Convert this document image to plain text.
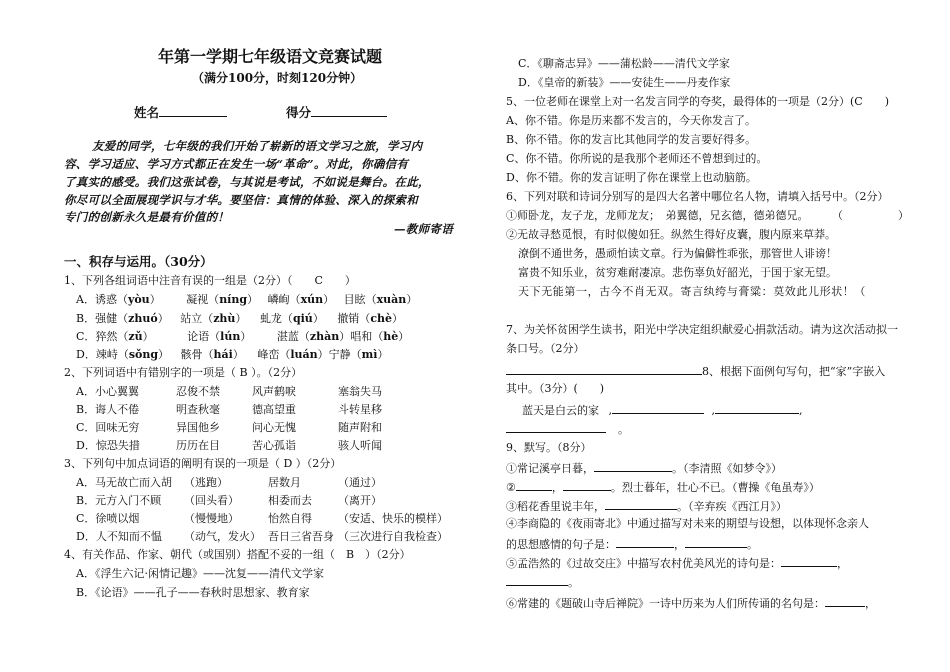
年第一学期七年级语文竞赛试题
（满分100分，时刻120分钟）
姓名	得分
友爱的同学，七年级的我们开始了崭新的语文学习之旅，学习内
容、学习适应、学习方式都正在发生一场“革命”。对此，你确信有
了真实的感受。我们这张试卷，与其说是考试，不如说是舞台。在此，
你尽可以全面展现学识与才华。要坚信：真情的体验、深入的探索和
专门的创新永久是最有价值的！
—教师寄语
一、积存与运用。（30分）
1、下列各组词语中注音有误的一组是（2分）（　　C　　）
A．诱惑（yòu） 凝视（níng） 嶙峋（xún） 目眩（xuàn）
B．强健（zhuó） 站立（zhù） 虬龙（qiú） 撤销（chè）
C．猝然（zǔ）	论语（lún） 湛蓝（zhàn）唱和（hè）
D．竦峙（sǒng） 骸骨（hái） 峰峦（luán）宁静（mì）
2、下列词语中有错别字的一项是（ B ）。（2分）
A．小心翼翼	忍俊不禁	风声鹤唳	塞翁失马
B．诲人不倦	明查秋毫	德高望重	斗转星移
C．回味无穷	异国他乡	问心无愧	随声附和
D．惊恐失措	历历在目	苦心孤诣	骇人听闻
3、下列句中加点词语的阐明有误的一项是（ D ）（2分）
A．马无故亡而入胡 （逃跑）	居数月	（通过）
B．元方入门不顾 （回头看）	相委而去 （离开）
C．徐喷以烟	（慢慢地）	怡然自得 （安适、快乐的模样）
D．人不知而不愠 （动气，发火） 吾日三省吾身 （三次进行自我检查）
4、有关作品、作家、朝代（或国别）搭配不妥的一组（　B　）（2分）
A．《浮生六记·闲情记趣》——沈复——清代文学家
B．《论语》——孔子——春秋时思想家、教育家
C．《聊斋志异》——蒲松龄——清代文学家
D．《皇帝的新装》——安徒生——丹麦作家
5、一位老师在课堂上对一名发言同学的夸奖，最得体的一项是（2分）(C　　)
A、你不错。你是历来都不发言的，今天你发言了。
B、你不错。你的发言比其他同学的发言要好得多。
C、你不错。你所说的是我那个老师还不曾想到过的。
D、你不错。你的发言证明了你在课堂上也动脑筋。
6、下列对联和诗词分别写的是四大名著中哪位名人物，请填入括号中。（2分）
①师卧龙，友子龙，龙师龙友；　弟翼德，兄玄德，德弟德兄。 （　　　　　）
②无故寻愁觅恨，有时似傻如狂。纵然生得好皮囊，腹内原来草莽。
潦倒不通世务，愚顽怕读文章。行为偏僻性乖张，那管世人诽谤！
富贵不知乐业，贫穷难耐凄凉。悲伤辜负好韶光，于国于家无望。
天下无能第一，古今不肖无双。寄言纨绔与膏粱：莫效此儿形状！（
7、为关怀贫困学生读书，阳光中学决定组织献爱心捐款活动。请为这次活动拟一
条口号。（2分）
8、根据下面例句写句，把“家”字嵌入
其中。（3分）(　　)
蓝天是白云的家 ,	,	,
。
9、默写。（8分）
①常记溪亭日暮，	。（李清照《如梦令》）
②	，	。烈士暮年，壮心不已。（曹操《龟虽寿》）
③稻花香里说丰年，	。（辛弃疾《西江月》）
④李商隐的《夜雨寄北》中通过描写对未来的期望与设想，以体现怀念亲人
的思想感情的句子是：	，	。
⑤孟浩然的《过故交庄》中描写农村优美风光的诗句是：	，
。
⑥常建的《题破山寺后禅院》一诗中历来为人们所传诵的名句是：	，
